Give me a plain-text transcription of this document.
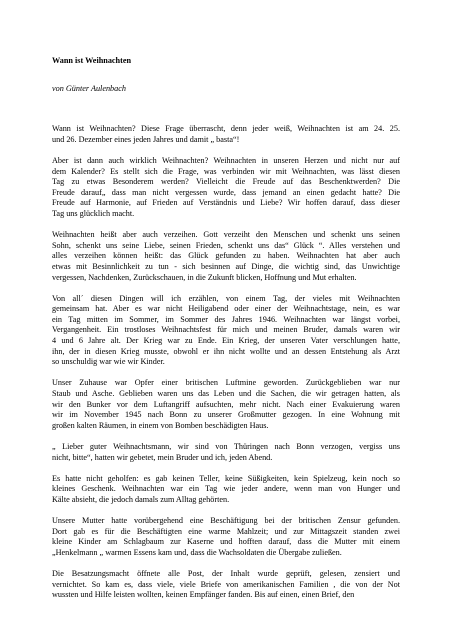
Wann ist Weihnachten
von Günter Aulenbach
Wann ist Weihnachten? Diese Frage überrascht, denn jeder weiß, Weihnachten ist am 24. 25.
und 26. Dezember eines jeden Jahres und damit „ basta“!
Aber ist dann auch wirklich Weihnachten? Weihnachten in unseren Herzen und nicht nur auf
dem Kalender? Es stellt sich die Frage, was verbinden wir mit Weihnachten, was lässt diesen
Tag zu etwas Besonderem werden? Vielleicht die Freude auf das Beschenktwerden? Die
Freude darauf„ dass man nicht vergessen wurde, dass jemand an einen gedacht hatte? Die
Freude auf Harmonie, auf Frieden auf Verständnis und Liebe? Wir hoffen darauf, dass dieser
Tag uns glücklich macht.
Weihnachten heißt aber auch verzeihen. Gott verzeiht den Menschen und schenkt uns seinen
Sohn, schenkt uns seine Liebe, seinen Frieden, schenkt uns das“ Glück “. Alles verstehen und
alles verzeihen können heißt: das Glück gefunden zu haben. Weihnachten hat aber auch
etwas mit Besinnlichkeit zu tun - sich besinnen auf Dinge, die wichtig sind, das Unwichtige
vergessen, Nachdenken, Zurückschauen, in die Zukunft blicken, Hoffnung und Mut erhalten.
Von all´ diesen Dingen will ich erzählen, von einem Tag, der vieles mit Weihnachten
gemeinsam hat. Aber es war nicht Heiligabend oder einer der Weihnachtstage, nein, es war
ein Tag mitten im Sommer, im Sommer des Jahres 1946. Weihnachten war längst vorbei,
Vergangenheit. Ein trostloses Weihnachtsfest für mich und meinen Bruder, damals waren wir
4 und 6 Jahre alt. Der Krieg war zu Ende. Ein Krieg, der unseren Vater verschlungen hatte,
ihn, der in diesen Krieg musste, obwohl er ihn nicht wollte und an dessen Entstehung als Arzt
so unschuldig war wie wir Kinder.
Unser Zuhause war Opfer einer britischen Luftmine geworden. Zurückgeblieben war nur
Staub und Asche. Geblieben waren uns das Leben und die Sachen, die wir getragen hatten, als
wir den Bunker vor dem Luftangriff aufsuchten, mehr nicht. Nach einer Evakuierung waren
wir im November 1945 nach Bonn zu unserer Großmutter gezogen. In eine Wohnung mit
großen kalten Räumen, in einem von Bomben beschädigten Haus.
„ Lieber guter Weihnachtsmann, wir sind von Thüringen nach Bonn verzogen, vergiss uns
nicht, bitte“, hatten wir gebetet, mein Bruder und ich, jeden Abend.
Es hatte nicht geholfen: es gab keinen Teller, keine Süßigkeiten, kein Spielzeug, kein noch so
kleines Geschenk. Weihnachten war ein Tag wie jeder andere, wenn man von Hunger und
Kälte absieht, die jedoch damals zum Alltag gehörten.
Unsere Mutter hatte vorübergehend eine Beschäftigung bei der britischen Zensur gefunden.
Dort gab es für die Beschäftigten eine warme Mahlzeit; und zur Mittagszeit standen zwei
kleine Kinder am Schlagbaum zur Kaserne und hofften darauf, dass die Mutter mit einem
„Henkelmann „ warmen Essens kam und, dass die Wachsoldaten die Übergabe zuließen.
Die Besatzungsmacht öffnete alle Post, der Inhalt wurde geprüft, gelesen, zensiert und
vernichtet. So kam es, dass viele, viele Briefe von amerikanischen Familien , die von der Not
wussten und Hilfe leisten wollten, keinen Empfänger fanden. Bis auf einen, einen Brief, den
